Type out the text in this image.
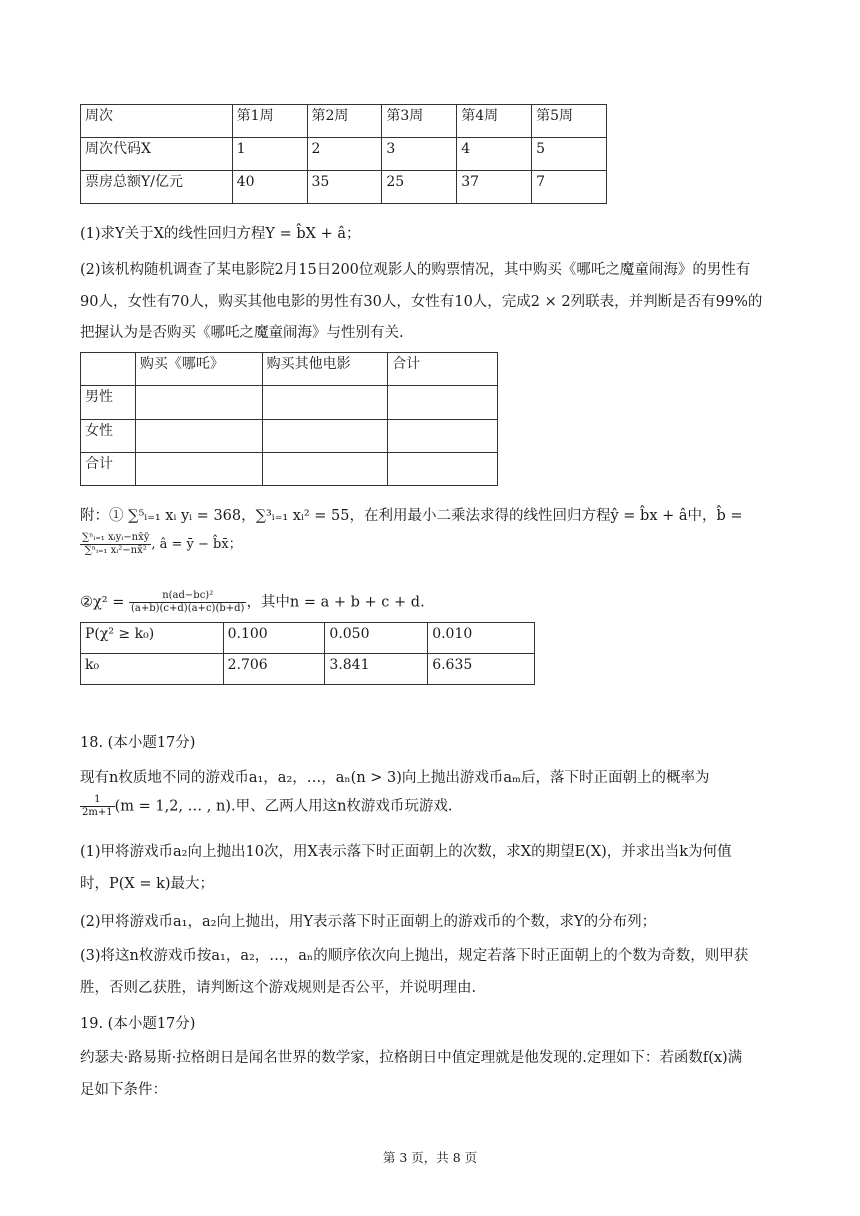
周次	第1周	第2周	第3周	第4周	第5周
周次代码X	1	2	3	4	5
票房总额Y/亿元	40	35	25	37	7
(1)求Y关于X的线性回归方程Y = b̂X + â；
(2)该机构随机调查了某电影院2月15日200位观影人的购票情况，其中购买《哪吒之魔童闹海》的男性有
90人，女性有70人，购买其他电影的男性有30人，女性有10人，完成2 × 2列联表，并判断是否有99%的
把握认为是否购买《哪吒之魔童闹海》与性别有关.
	购买《哪吒》	购买其他电影	合计
男性			
女性			
合计			
附：① ∑⁵ᵢ₌₁ xᵢ yᵢ = 368，∑³ᵢ₌₁ xᵢ² = 55，在利用最小二乘法求得的线性回归方程ŷ = b̂x + â中，b̂ =
$\frac{\text{∑ⁿᵢ₌₁ xᵢyᵢ−nx̄ȳ}}{\text{∑ⁿᵢ₌₁ xᵢ²−nx̄²}}$ , â = ȳ − b̂x̄；
②χ² = $\frac{\text{n(ad−bc)²}}{(a+b)(c+d)(a+c)(b+d)}$ ，其中n = a + b + c + d.
P(χ² ≥ k₀)	0.100	0.050	0.010
k₀	2.706	3.841	6.635
18. (本小题17分)
现有n枚质地不同的游戏币a₁，a₂，…，aₙ(n > 3)向上抛出游戏币aₘ后，落下时正面朝上的概率为
$\frac{1}{2m+1} (m = 1,2$, … , n).甲、乙两人用这n枚游戏币玩游戏.
(1)甲将游戏币a₂向上抛出10次，用X表示落下时正面朝上的次数，求X的期望E(X)，并求出当k为何值
时，P(X = k)最大；
(2)甲将游戏币a₁，a₂向上抛出，用Y表示落下时正面朝上的游戏币的个数，求Y的分布列；
(3)将这n枚游戏币按a₁，a₂，…，aₙ的顺序依次向上抛出，规定若落下时正面朝上的个数为奇数，则甲获
胜，否则乙获胜，请判断这个游戏规则是否公平，并说明理由.
19. (本小题17分)
约瑟夫·路易斯·拉格朗日是闻名世界的数学家，拉格朗日中值定理就是他发现的.定理如下：若函数f(x)满
足如下条件：
第 3 页，共 8 页
